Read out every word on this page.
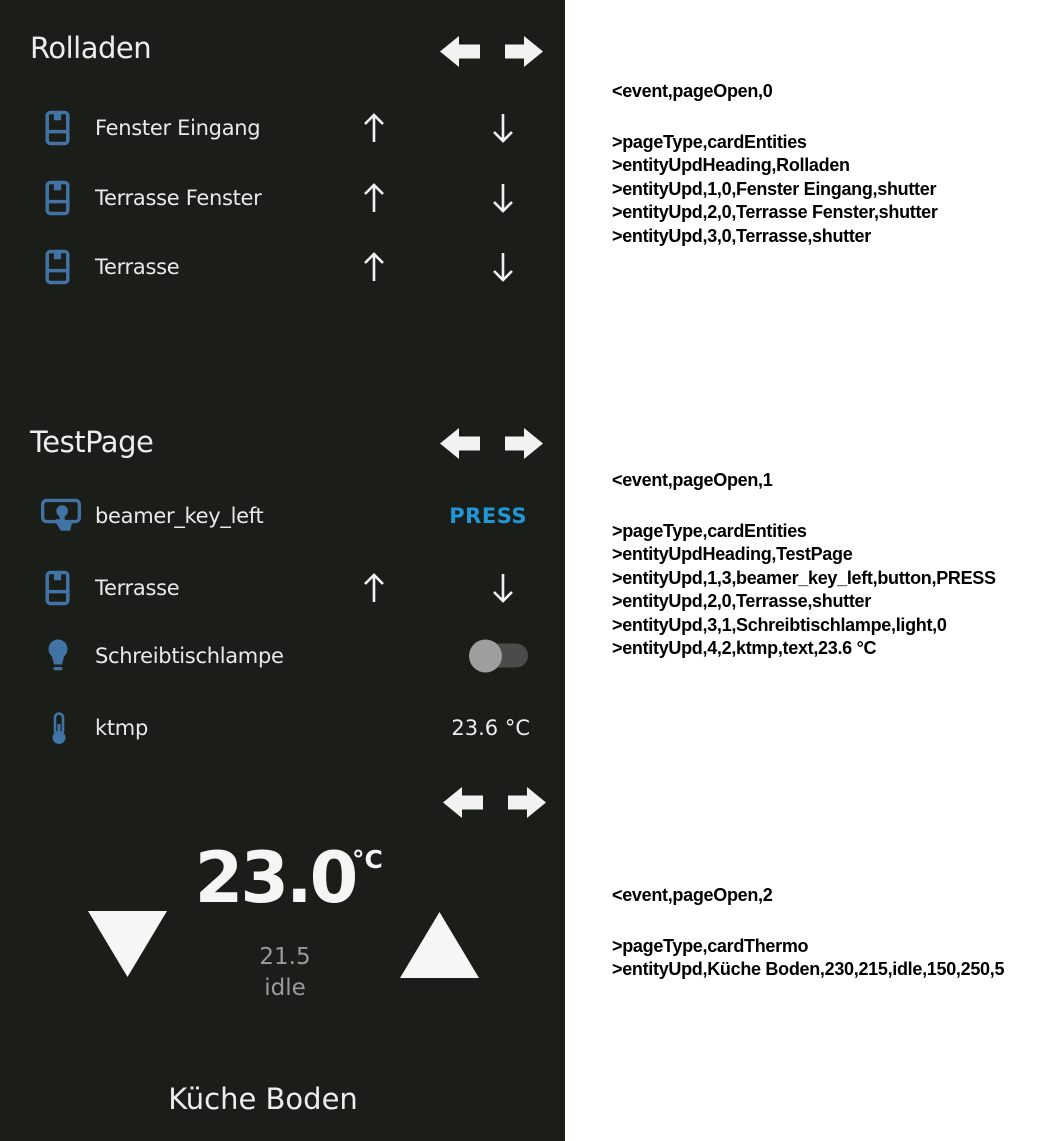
Rolladen
Fenster Eingang
Terrasse Fenster
Terrasse
TestPage
beamer_key_left	PRESS
Terrasse
Schreibtischlampe
ktmp	23.6 °C
23.0
°C
21.5
idle
Küche Boden
<event,pageOpen,0
>pageType,cardEntities
>entityUpdHeading,Rolladen
>entityUpd,1,0,Fenster Eingang,shutter
>entityUpd,2,0,Terrasse Fenster,shutter
>entityUpd,3,0,Terrasse,shutter
<event,pageOpen,1
>pageType,cardEntities
>entityUpdHeading,TestPage
>entityUpd,1,3,beamer_key_left,button,PRESS
>entityUpd,2,0,Terrasse,shutter
>entityUpd,3,1,Schreibtischlampe,light,0
>entityUpd,4,2,ktmp,text,23.6 °C
<event,pageOpen,2
>pageType,cardThermo
>entityUpd,Küche Boden,230,215,idle,150,250,5
